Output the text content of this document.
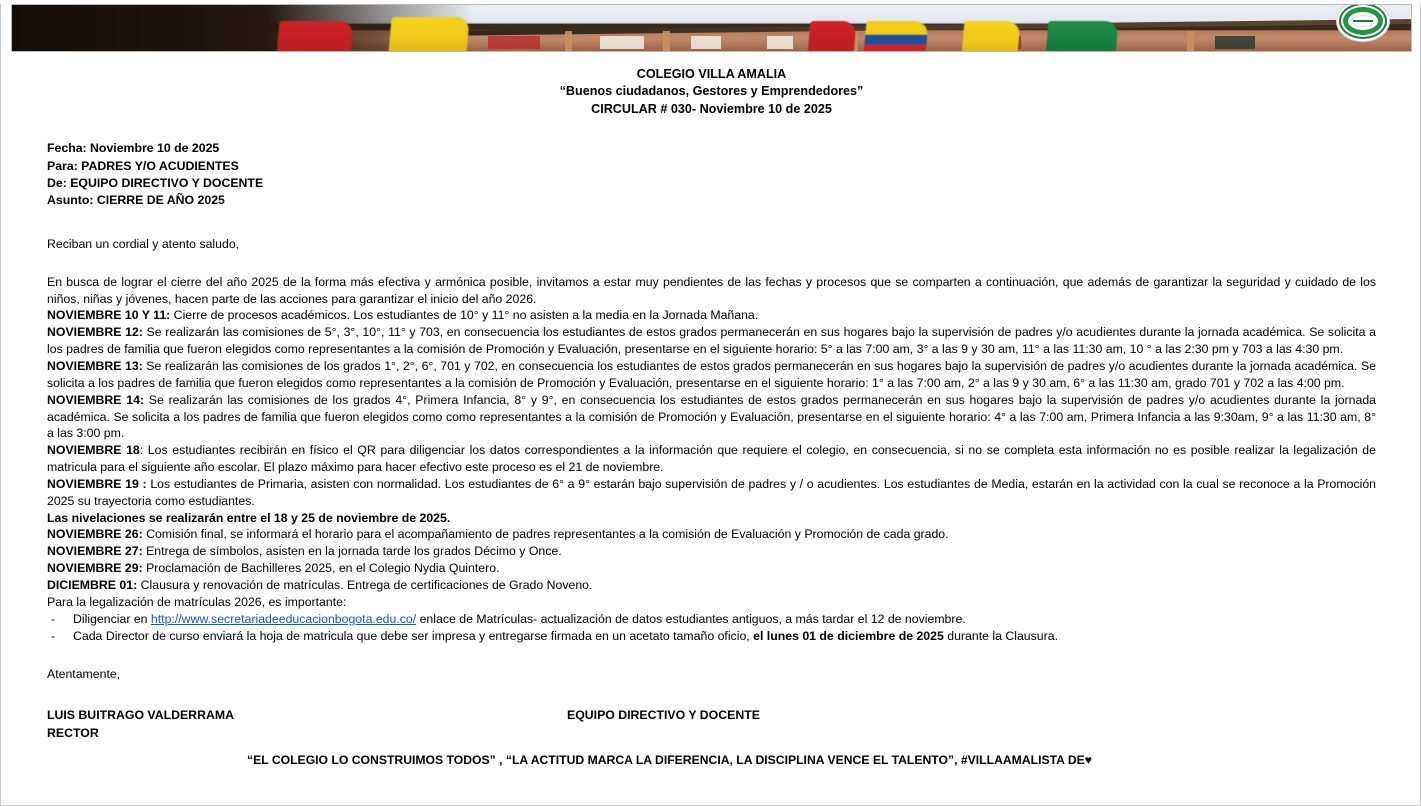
COLEGIO VILLA AMALIA
“Buenos ciudadanos, Gestores y Emprendedores”
CIRCULAR # 030- Noviembre 10 de 2025
Fecha: Noviembre 10 de 2025
Para: PADRES Y/O ACUDIENTES
De: EQUIPO DIRECTIVO Y DOCENTE
Asunto: CIERRE DE AÑO 2025
Reciban un cordial y atento saludo,
En busca de lograr el cierre del año 2025 de la forma más efectiva y armónica posible, invitamos a estar muy pendientes de las fechas y procesos que se comparten a continuación, que además de garantizar la seguridad y cuidado de los niños, niñas y jóvenes, hacen parte de las acciones para garantizar el inicio del año 2026.
NOVIEMBRE 10 Y 11: Cierre de procesos académicos. Los estudiantes de 10° y 11° no asisten a la media en la Jornada Mañana.
NOVIEMBRE 12: Se realizarán las comisiones de 5°, 3°, 10°, 11° y 703, en consecuencia los estudiantes de estos grados permanecerán en sus hogares bajo la supervisión de padres y/o acudientes durante la jornada académica. Se solicita a los padres de familia que fueron elegidos como representantes a la comisión de Promoción y Evaluación, presentarse en el siguiente horario: 5° a las 7:00 am, 3° a las 9 y 30 am, 11° a las 11:30 am, 10 ° a las 2:30 pm y 703 a las 4:30 pm.
NOVIEMBRE 13: Se realizarán las comisiones de los grados 1°, 2°, 6°, 701 y 702, en consecuencia los estudiantes de estos grados permanecerán en sus hogares bajo la supervisión de padres y/o acudientes durante la jornada académica. Se solicita a los padres de familia que fueron elegidos como representantes a la comisión de Promoción y Evaluación, presentarse en el siguiente horario: 1° a las 7:00 am, 2° a las 9 y 30 am, 6° a las 11:30 am, grado 701 y 702 a las 4:00 pm.
NOVIEMBRE 14: Se realizarán las comisiones de los grados 4°, Primera Infancia, 8° y 9°, en consecuencia los estudiantes de estos grados permanecerán en sus hogares bajo la supervisión de padres y/o acudientes durante la jornada académica. Se solicita a los padres de familia que fueron elegidos como como representantes a la comisión de Promoción y Evaluación, presentarse en el siguiente horario: 4° a las 7:00 am, Primera Infancia a las 9:30am, 9° a las 11:30 am, 8° a las 3:00 pm.
NOVIEMBRE 18: Los estudiantes recibirán en físico el QR para diligenciar los datos correspondientes a la información que requiere el colegio, en consecuencia, si no se completa esta información no es posible realizar la legalización de matricula para el siguiente año escolar. El plazo máximo para hacer efectivo este proceso es el 21 de noviembre.
NOVIEMBRE 19 : Los estudiantes de Primaria, asisten con normalidad. Los estudiantes de 6° a 9° estarán bajo supervisión de padres y / o acudientes. Los estudiantes de Media, estarán en la actividad con la cual se reconoce a la Promoción 2025 su trayectoria como estudiantes.
Las nivelaciones se realizarán entre el 18 y 25 de noviembre de 2025.
NOVIEMBRE 26: Comisión final, se informará el horario para el acompañamiento de padres representantes a la comisión de Evaluación y Promoción de cada grado.
NOVIEMBRE 27: Entrega de símbolos, asisten en la jornada tarde los grados Décimo y Once.
NOVIEMBRE 29: Proclamación de Bachilleres 2025, en el Colegio Nydia Quintero.
DICIEMBRE 01: Clausura y renovación de matrículas. Entrega de certificaciones de Grado Noveno.
Para la legalización de matrículas 2026, es importante:
- Diligenciar en http://www.secretariadeeducacionbogota.edu.co/ enlace de Matrículas- actualización de datos estudiantes antiguos, a más tardar el 12 de noviembre.
- Cada Director de curso enviará la hoja de matricula que debe ser impresa y entregarse firmada en un acetato tamaño oficio, el lunes 01 de diciembre de 2025 durante la Clausura.
Atentamente,
LUIS BUITRAGO VALDERRAMA
RECTOR
EQUIPO DIRECTIVO Y DOCENTE
“EL COLEGIO LO CONSTRUIMOS TODOS” , “LA ACTITUD MARCA LA DIFERENCIA, LA DISCIPLINA VENCE EL TALENTO”, #VILLAAMALISTA DE♥
